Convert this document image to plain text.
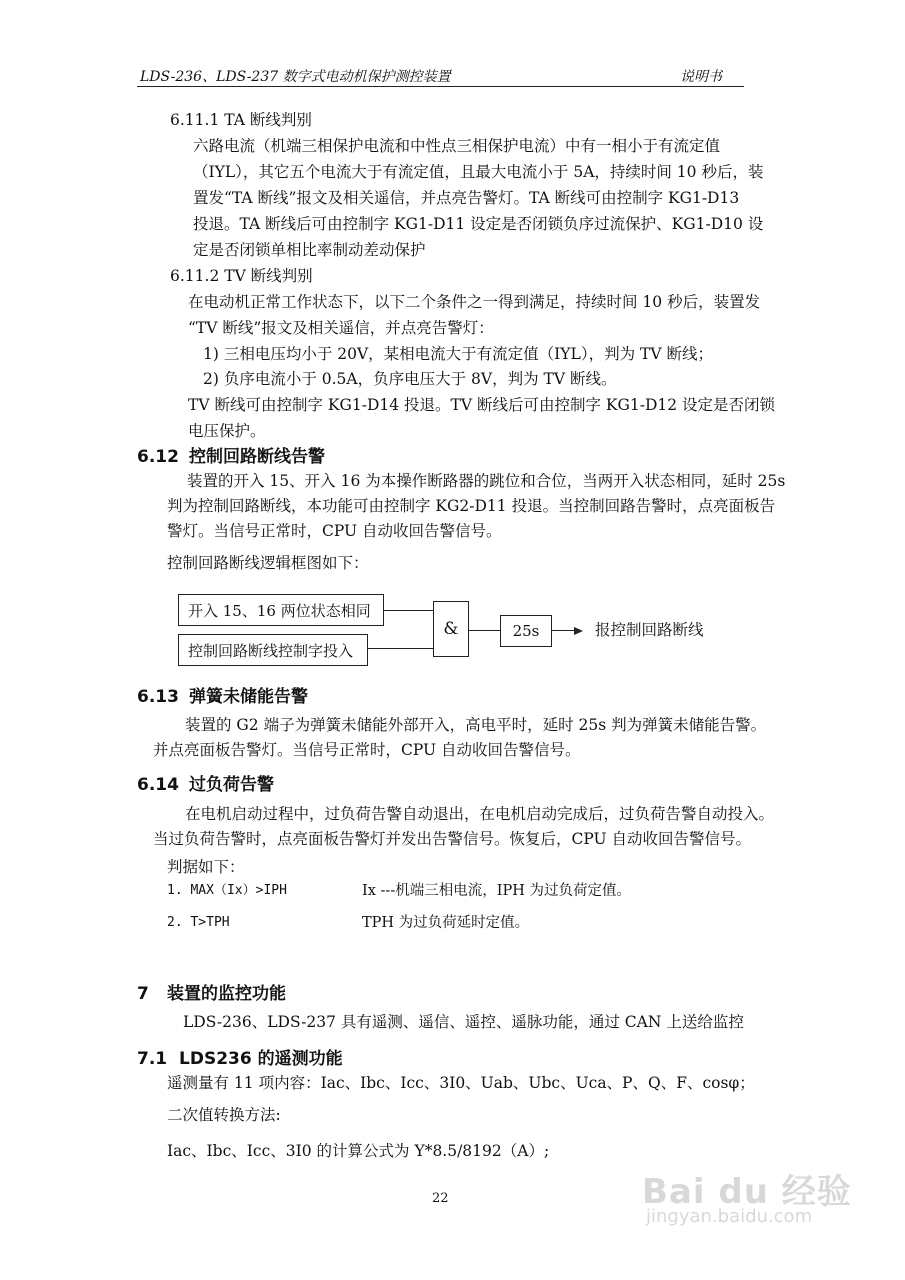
LDS-236、LDS-237 数字式电动机保护测控装置	说明书
6.11.1 TA 断线判别
六路电流（机端三相保护电流和中性点三相保护电流）中有一相小于有流定值
（IYL），其它五个电流大于有流定值，且最大电流小于 5A，持续时间 10 秒后，装
置发“TA 断线”报文及相关遥信，并点亮告警灯。TA 断线可由控制字 KG1-D13
投退。TA 断线后可由控制字 KG1-D11 设定是否闭锁负序过流保护、KG1-D10 设
定是否闭锁单相比率制动差动保护
6.11.2 TV 断线判别
在电动机正常工作状态下，以下二个条件之一得到满足，持续时间 10 秒后，装置发
“TV 断线”报文及相关遥信，并点亮告警灯：
1) 三相电压均小于 20V，某相电流大于有流定值（IYL），判为 TV 断线；
2) 负序电流小于 0.5A，负序电压大于 8V，判为 TV 断线。
TV 断线可由控制字 KG1-D14 投退。TV 断线后可由控制字 KG1-D12 设定是否闭锁
电压保护。
6.12 控制回路断线告警
装置的开入 15、开入 16 为本操作断路器的跳位和合位，当两开入状态相同，延时 25s
判为控制回路断线，本功能可由控制字 KG2-D11 投退。当控制回路告警时，点亮面板告
警灯。当信号正常时，CPU 自动收回告警信号。
控制回路断线逻辑框图如下：
开入 15、16 两位状态相同
控制回路断线控制字投入
&	25s	报控制回路断线
6.13 弹簧未储能告警
装置的 G2 端子为弹簧未储能外部开入，高电平时，延时 25s 判为弹簧未储能告警。
并点亮面板告警灯。当信号正常时，CPU 自动收回告警信号。
6.14 过负荷告警
在电机启动过程中，过负荷告警自动退出，在电机启动完成后，过负荷告警自动投入。
当过负荷告警时，点亮面板告警灯并发出告警信号。恢复后，CPU 自动收回告警信号。
判据如下：
1. MAX（Ix）>IPH	Ix ---机端三相电流，IPH 为过负荷定值。
2. T>TPH	TPH 为过负荷延时定值。
7 装置的监控功能
LDS-236、LDS-237 具有遥测、遥信、遥控、遥脉功能，通过 CAN 上送给监控
7.1 LDS236 的遥测功能
遥测量有 11 项内容：Iac、Ibc、Icc、3I0、Uab、Ubc、Uca、P、Q、F、cosφ；
二次值转换方法:
Iac、Ibc、Icc、3I0 的计算公式为 Y*8.5/8192（A）;
22	Bai du 经验
jingyan.baidu.com
